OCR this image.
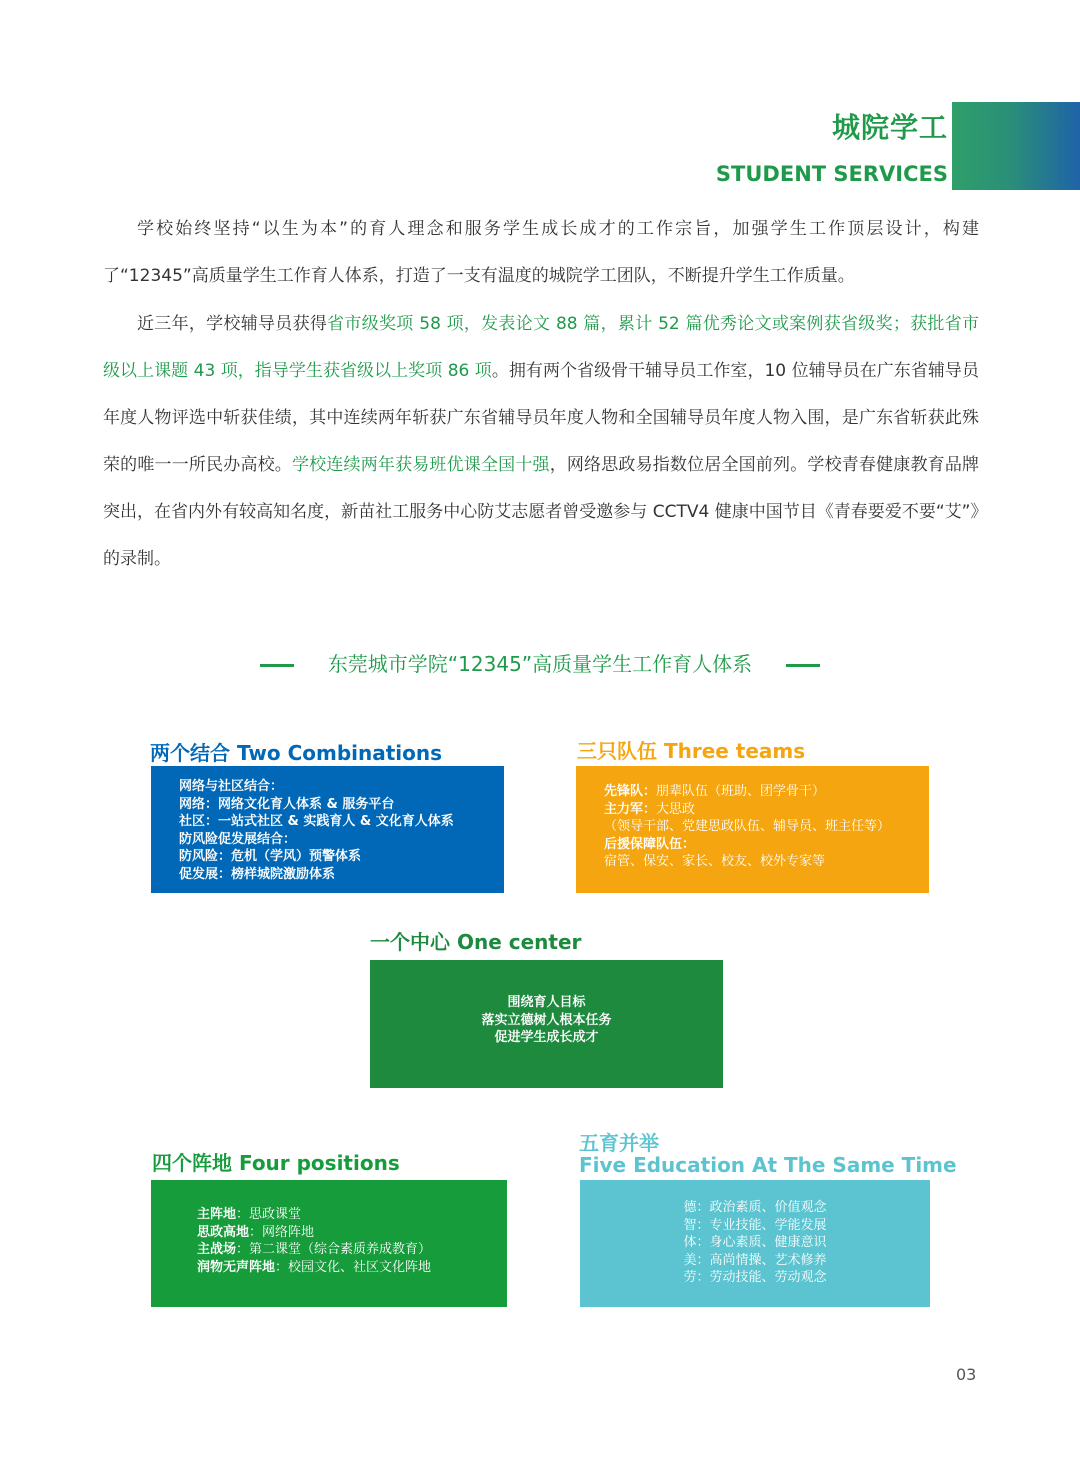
城院学工
STUDENT SERVICES
学校始终坚持“以生为本”的育人理念和服务学生成长成才的工作宗旨，加强学生工作顶层设计，构建了“12345”高质量学生工作育人体系，打造了一支有温度的城院学工团队，不断提升学生工作质量。
近三年，学校辅导员获得省市级奖项 58 项，发表论文 88 篇，累计 52 篇优秀论文或案例获省级奖；获批省市级以上课题 43 项，指导学生获省级以上奖项 86 项。拥有两个省级骨干辅导员工作室，10 位辅导员在广东省辅导员年度人物评选中斩获佳绩，其中连续两年斩获广东省辅导员年度人物和全国辅导员年度人物入围，是广东省斩获此殊荣的唯一一所民办高校。学校连续两年获易班优课全国十强，网络思政易指数位居全国前列。学校青春健康教育品牌突出，在省内外有较高知名度，新苗社工服务中心防艾志愿者曾受邀参与 CCTV4 健康中国节目《青春要爱不要“艾”》的录制。
东莞城市学院“12345”高质量学生工作育人体系
两个结合 Two Combinations
网络与社区结合：
网络：网络文化育人体系 & 服务平台
社区：一站式社区 & 实践育人 & 文化育人体系
防风险促发展结合：
防风险：危机（学风）预警体系
促发展：榜样城院激励体系
三只队伍 Three teams
先锋队：朋辈队伍（班助、团学骨干）
主力军：大思政
（领导干部、党建思政队伍、辅导员、班主任等）
后援保障队伍：
宿管、保安、家长、校友、校外专家等
一个中心 One center
围绕育人目标
落实立德树人根本任务
促进学生成长成才
四个阵地 Four positions
主阵地：思政课堂
思政高地：网络阵地
主战场：第二课堂（综合素质养成教育）
润物无声阵地：校园文化、社区文化阵地
五育并举
Five Education At The Same Time
德：政治素质、价值观念
智：专业技能、学能发展
体：身心素质、健康意识
美：高尚情操、艺术修养
劳：劳动技能、劳动观念
03
